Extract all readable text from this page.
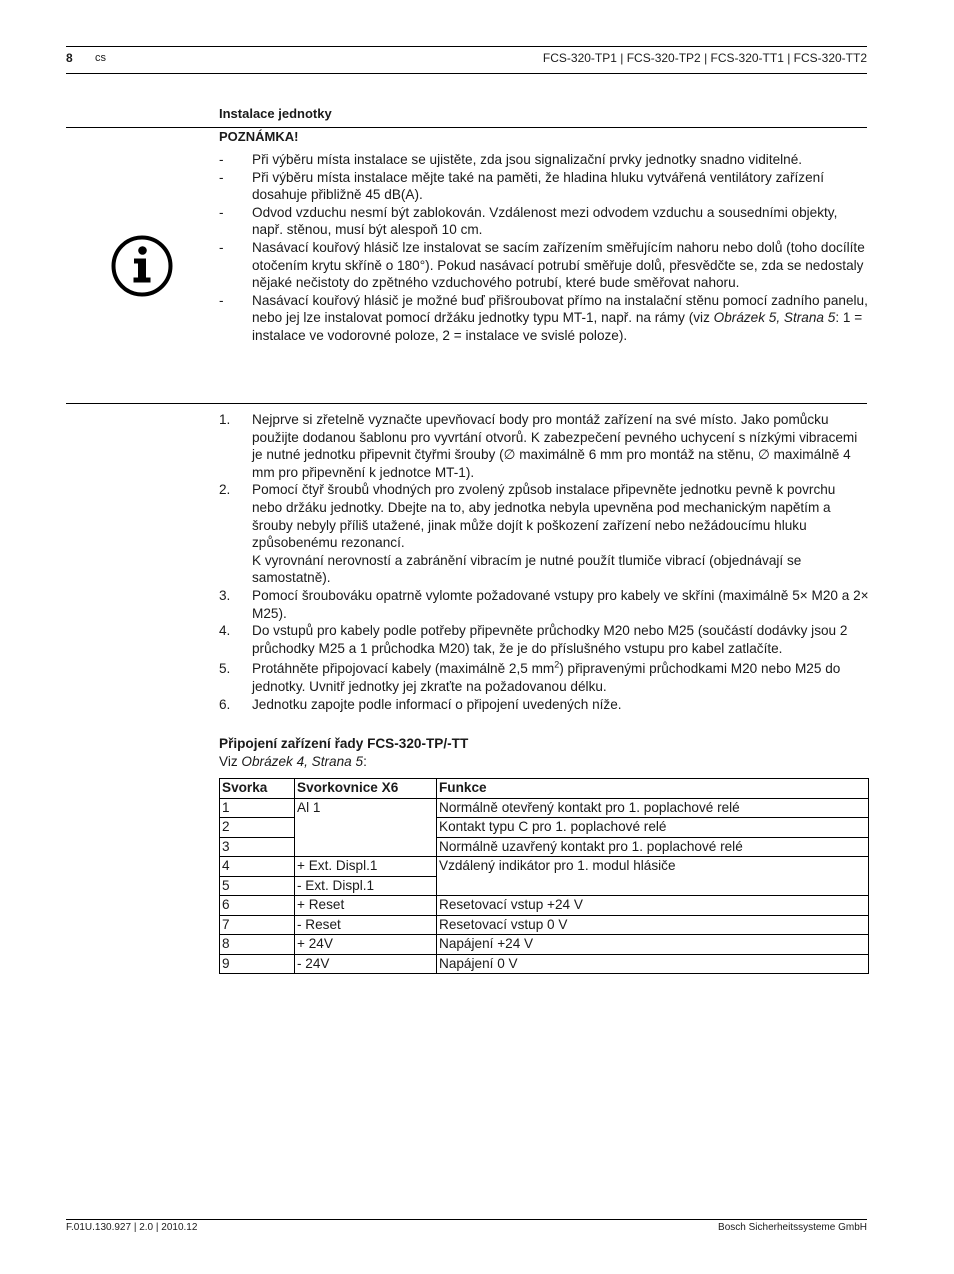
8 cs	FCS-320-TP1 | FCS-320-TP2 | FCS-320-TT1 | FCS-320-TT2
Instalace jednotky
POZNÁMKA!
- Při výběru místa instalace se ujistěte, zda jsou signalizační prvky jednotky snadno viditelné.
- Při výběru místa instalace mějte také na paměti, že hladina hluku vytvářená ventilátory zařízení dosahuje přibližně 45 dB(A).
- Odvod vzduchu nesmí být zablokován. Vzdálenost mezi odvodem vzduchu a sousedními objekty, např. stěnou, musí být alespoň 10 cm.
- Nasávací kouřový hlásič lze instalovat se sacím zařízením směřujícím nahoru nebo dolů (toho docílíte otočením krytu skříně o 180°). Pokud nasávací potrubí směřuje dolů, přesvědčte se, zda se nedostaly nějaké nečistoty do zpětného vzduchového potrubí, které bude směřovat nahoru.
- Nasávací kouřový hlásič je možné buď přišroubovat přímo na instalační stěnu pomocí zadního panelu, nebo jej lze instalovat pomocí držáku jednotky typu MT-1, např. na rámy (viz Obrázek 5, Strana 5: 1 = instalace ve vodorovné poloze, 2 = instalace ve svislé poloze).
1. Nejprve si zřetelně vyznačte upevňovací body pro montáž zařízení na své místo. Jako pomůcku použijte dodanou šablonu pro vyvrtání otvorů. K zabezpečení pevného uchycení s nízkými vibracemi je nutné jednotku připevnit čtyřmi šrouby (∅ maximálně 6 mm pro montáž na stěnu, ∅ maximálně 4 mm pro připevnění k jednotce MT-1).
2. Pomocí čtyř šroubů vhodných pro zvolený způsob instalace připevněte jednotku pevně k povrchu nebo držáku jednotky. Dbejte na to, aby jednotka nebyla upevněna pod mechanickým napětím a šrouby nebyly příliš utažené, jinak může dojít k poškození zařízení nebo nežádoucímu hluku způsobenému rezonancí.
K vyrovnání nerovností a zabránění vibracím je nutné použít tlumiče vibrací (objednávají se samostatně).
3. Pomocí šroubováku opatrně vylomte požadované vstupy pro kabely ve skříni (maximálně 5× M20 a 2× M25).
4. Do vstupů pro kabely podle potřeby připevněte průchodky M20 nebo M25 (součástí dodávky jsou 2 průchodky M25 a 1 průchodka M20) tak, že je do příslušného vstupu pro kabel zatlačíte.
5. Protáhněte připojovací kabely (maximálně 2,5 $mm^2$) připravenými průchodkami M20 nebo M25 do jednotky. Uvnitř jednotky jej zkraťte na požadovanou délku.
6. Jednotku zapojte podle informací o připojení uvedených níže.
Připojení zařízení řady FCS-320-TP/-TT
Viz Obrázek 4, Strana 5:
Svorka	Svorkovnice X6	Funkce
1	Al 1	Normálně otevřený kontakt pro 1. poplachové relé
2		Kontakt typu C pro 1. poplachové relé
3		Normálně uzavřený kontakt pro 1. poplachové relé
4	+ Ext. Displ.1	Vzdálený indikátor pro 1. modul hlásiče
5	- Ext. Displ.1	
6	+ Reset	Resetovací vstup +24 V
7	- Reset	Resetovací vstup 0 V
8	+ 24V	Napájení +24 V
9	- 24V	Napájení 0 V
F.01U.130.927 | 2.0 | 2010.12	Bosch Sicherheitssysteme GmbH
